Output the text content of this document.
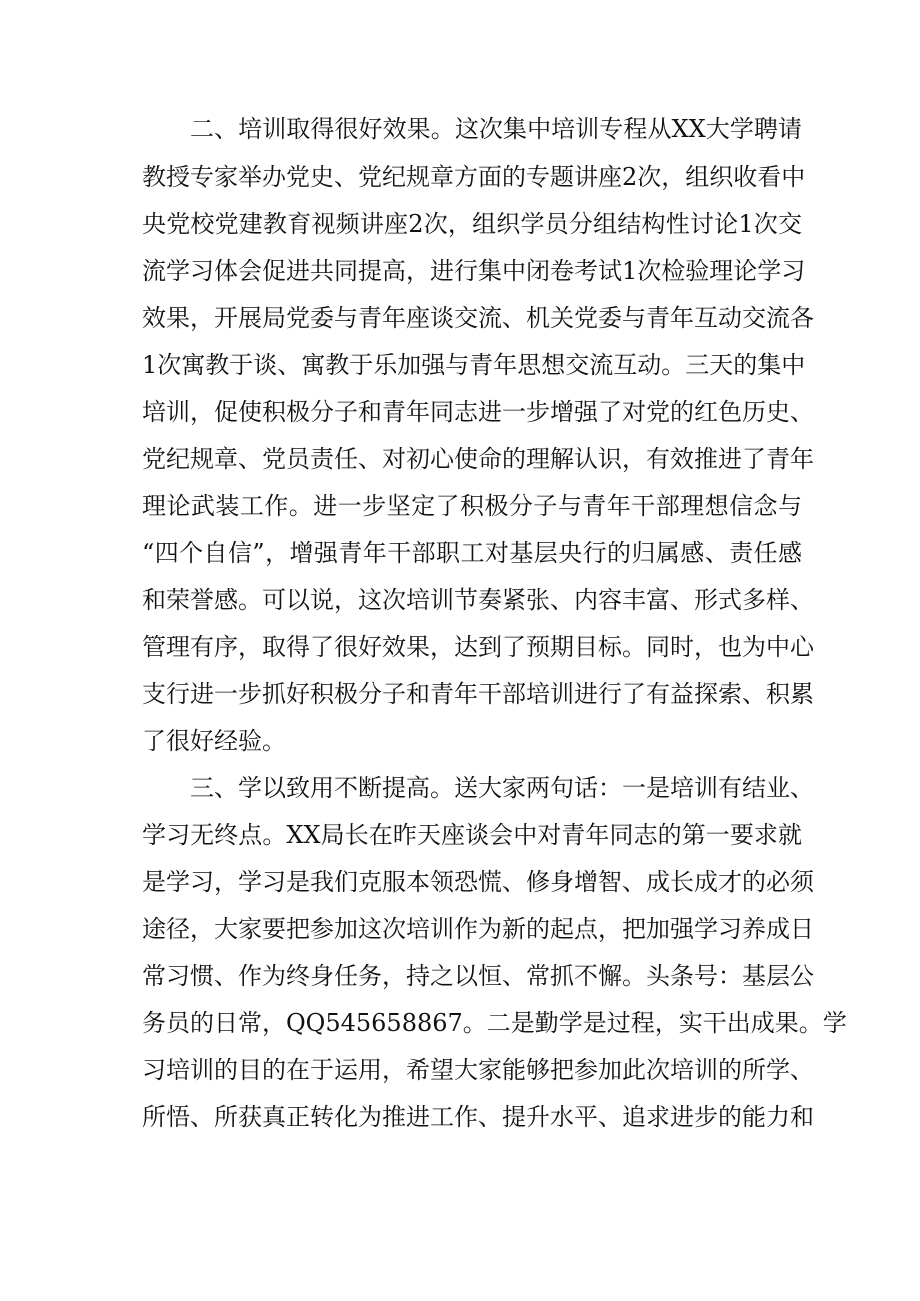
二、培训取得很好效果。这次集中培训专程从XX大学聘请
教授专家举办党史、党纪规章方面的专题讲座2次，组织收看中
央党校党建教育视频讲座2次，组织学员分组结构性讨论1次交
流学习体会促进共同提高，进行集中闭卷考试1次检验理论学习
效果，开展局党委与青年座谈交流、机关党委与青年互动交流各
1次寓教于谈、寓教于乐加强与青年思想交流互动。三天的集中
培训，促使积极分子和青年同志进一步增强了对党的红色历史、
党纪规章、党员责任、对初心使命的理解认识，有效推进了青年
理论武装工作。进一步坚定了积极分子与青年干部理想信念与
“四个自信”，增强青年干部职工对基层央行的归属感、责任感
和荣誉感。可以说，这次培训节奏紧张、内容丰富、形式多样、
管理有序，取得了很好效果，达到了预期目标。同时，也为中心
支行进一步抓好积极分子和青年干部培训进行了有益探索、积累
了很好经验。
三、学以致用不断提高。送大家两句话：一是培训有结业、
学习无终点。XX局长在昨天座谈会中对青年同志的第一要求就
是学习，学习是我们克服本领恐慌、修身增智、成长成才的必须
途径，大家要把参加这次培训作为新的起点，把加强学习养成日
常习惯、作为终身任务，持之以恒、常抓不懈。头条号：基层公
务员的日常，QQ545658867。二是勤学是过程，实干出成果。学
习培训的目的在于运用，希望大家能够把参加此次培训的所学、
所悟、所获真正转化为推进工作、提升水平、追求进步的能力和
